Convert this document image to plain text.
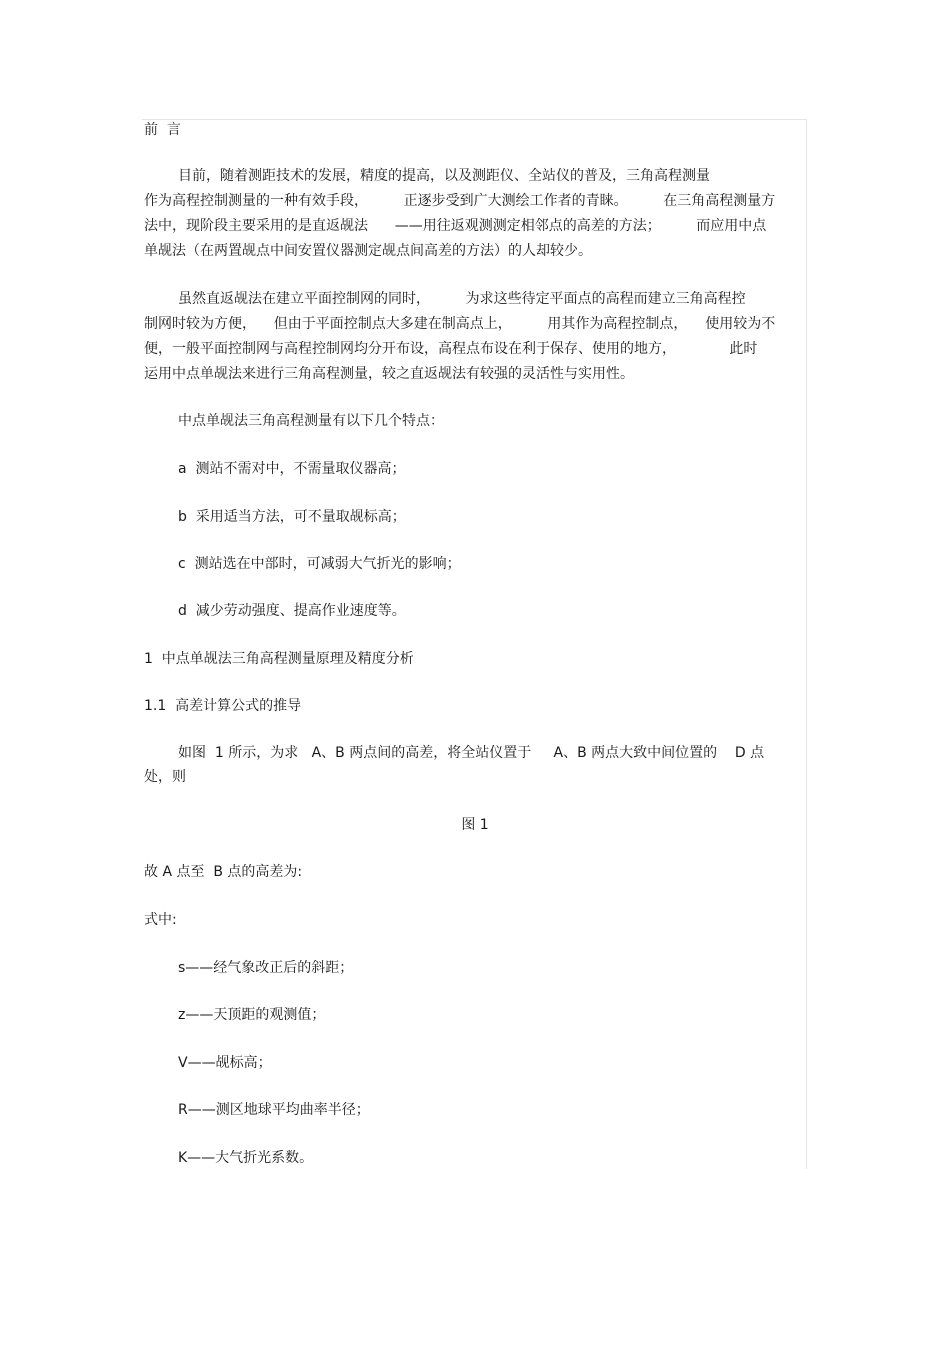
前  言
目前，随着测距技术的发展，精度的提高，以及测距仪、全站仪的普及，三角高程测量
作为高程控制测量的一种有效手段，        正逐步受到广大测绘工作者的青睐。        在三角高程测量方
法中，现阶段主要采用的是直返觇法      ——用往返观测测定相邻点的高差的方法；        而应用中点
单觇法（在两置觇点中间安置仪器测定觇点间高差的方法）的人却较少。
虽然直返觇法在建立平面控制网的同时，        为求这些待定平面点的高程而建立三角高程控
制网时较为方便，    但由于平面控制点大多建在制高点上，        用其作为高程控制点，    使用较为不
便，一般平面控制网与高程控制网均分开布设，高程点布设在利于保存、使用的地方，            此时
运用中点单觇法来进行三角高程测量，较之直返觇法有较强的灵活性与实用性。
中点单觇法三角高程测量有以下几个特点：
a  测站不需对中，不需量取仪器高；
b  采用适当方法，可不量取觇标高；
c  测站选在中部时，可减弱大气折光的影响；
d  减少劳动强度、提高作业速度等。
1  中点单觇法三角高程测量原理及精度分析
1.1  高差计算公式的推导
如图  1 所示，为求   A、B 两点间的高差，将全站仪置于     A、B 两点大致中间位置的    D 点
处，则
图 1
故 A 点至  B 点的高差为:
式中:
s——经气象改正后的斜距；
z——天顶距的观测值；
V——觇标高；
R——测区地球平均曲率半径；
K——大气折光系数。
